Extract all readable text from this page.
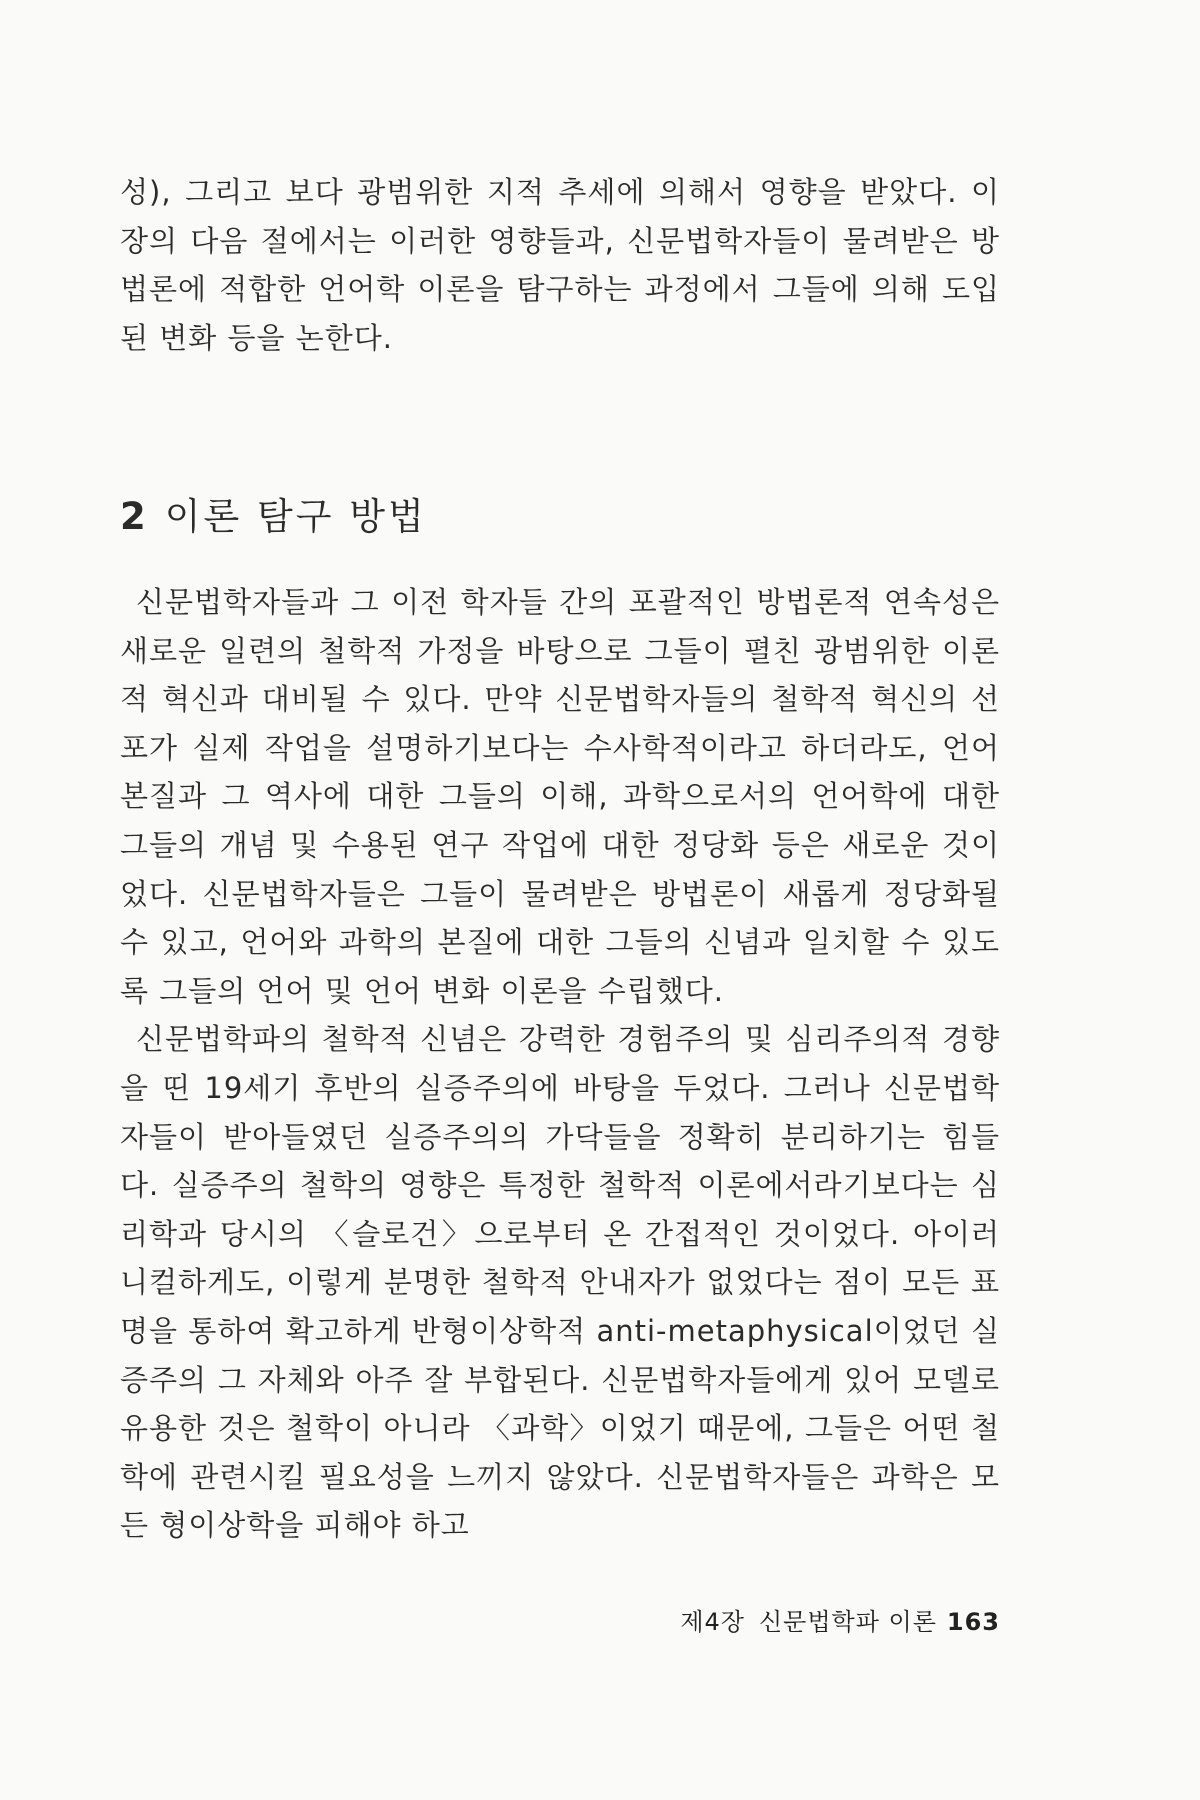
성), 그리고 보다 광범위한 지적 추세에 의해서 영향을 받았다. 이 장의 다음 절에서는 이러한 영향들과, 신문법학자들이 물려받은 방법론에 적합한 언어학 이론을 탐구하는 과정에서 그들에 의해 도입된 변화 등을 논한다.

2 이론 탐구 방법

신문법학자들과 그 이전 학자들 간의 포괄적인 방법론적 연속성은 새로운 일련의 철학적 가정을 바탕으로 그들이 펼친 광범위한 이론적 혁신과 대비될 수 있다. 만약 신문법학자들의 철학적 혁신의 선포가 실제 작업을 설명하기보다는 수사학적이라고 하더라도, 언어 본질과 그 역사에 대한 그들의 이해, 과학으로서의 언어학에 대한 그들의 개념 및 수용된 연구 작업에 대한 정당화 등은 새로운 것이었다. 신문법학자들은 그들이 물려받은 방법론이 새롭게 정당화될 수 있고, 언어와 과학의 본질에 대한 그들의 신념과 일치할 수 있도록 그들의 언어 및 언어 변화 이론을 수립했다.

신문법학파의 철학적 신념은 강력한 경험주의 및 심리주의적 경향을 띤 19세기 후반의 실증주의에 바탕을 두었다. 그러나 신문법학자들이 받아들였던 실증주의의 가닥들을 정확히 분리하기는 힘들다. 실증주의 철학의 영향은 특정한 철학적 이론에서라기보다는 심리학과 당시의 〈슬로건〉으로부터 온 간접적인 것이었다. 아이러니컬하게도, 이렇게 분명한 철학적 안내자가 없었다는 점이 모든 표명을 통하여 확고하게 반형이상학적 anti-metaphysical이었던 실증주의 그 자체와 아주 잘 부합된다. 신문법학자들에게 있어 모델로 유용한 것은 철학이 아니라 〈과학〉이었기 때문에, 그들은 어떤 철학에 관련시킬 필요성을 느끼지 않았다. 신문법학자들은 과학은 모든 형이상학을 피해야 하고

제4장 신문법학파 이론 163
